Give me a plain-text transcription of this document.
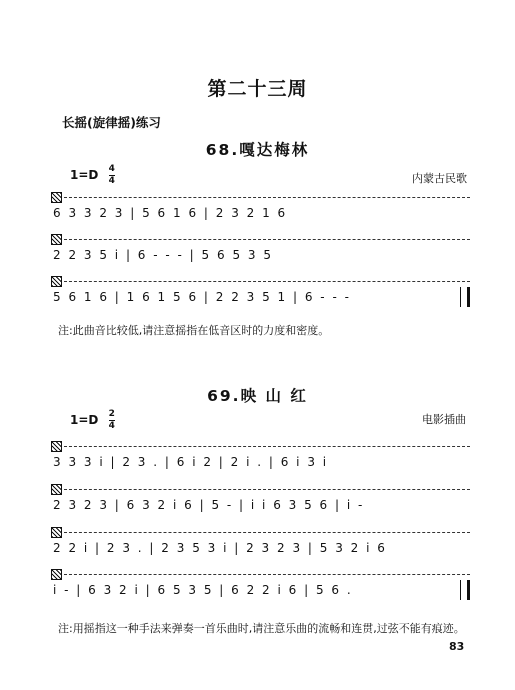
第二十三周
长摇(旋律摇)练习
68.嘎达梅林
$1=D \frac{4}{4}$	内蒙古民歌
6 3 3 2 3 | 5 6 1 6 | 2 3 2 1 6
2 2 3 5 i | 6 - - - | 5 6 5 3 5
5 6 1 6 | 1 6 1 5 6 | 2 2 3 5 1 | 6 - - -
注:此曲音比较低,请注意摇指在低音区时的力度和密度。
69.映 山 红
$1=D \frac{2}{4}$	电影插曲
3 3 3 i | 2 3 . | 6 i 2 | 2 i . | 6 i 3 i
2 3 2 3 | 6 3 2 i 6 | 5 - | i i 6 3 5 6 | i -
2 2 i | 2 3 . | 2 3 5 3 i | 2 3 2 3 | 5 3 2 i 6
i - | 6 3 2 i | 6 5 3 5 | 6 2 2 i 6 | 5 6 .
注:用摇指这一种手法来弹奏一首乐曲时,请注意乐曲的流畅和连贯,过弦不能有痕迹。
83
